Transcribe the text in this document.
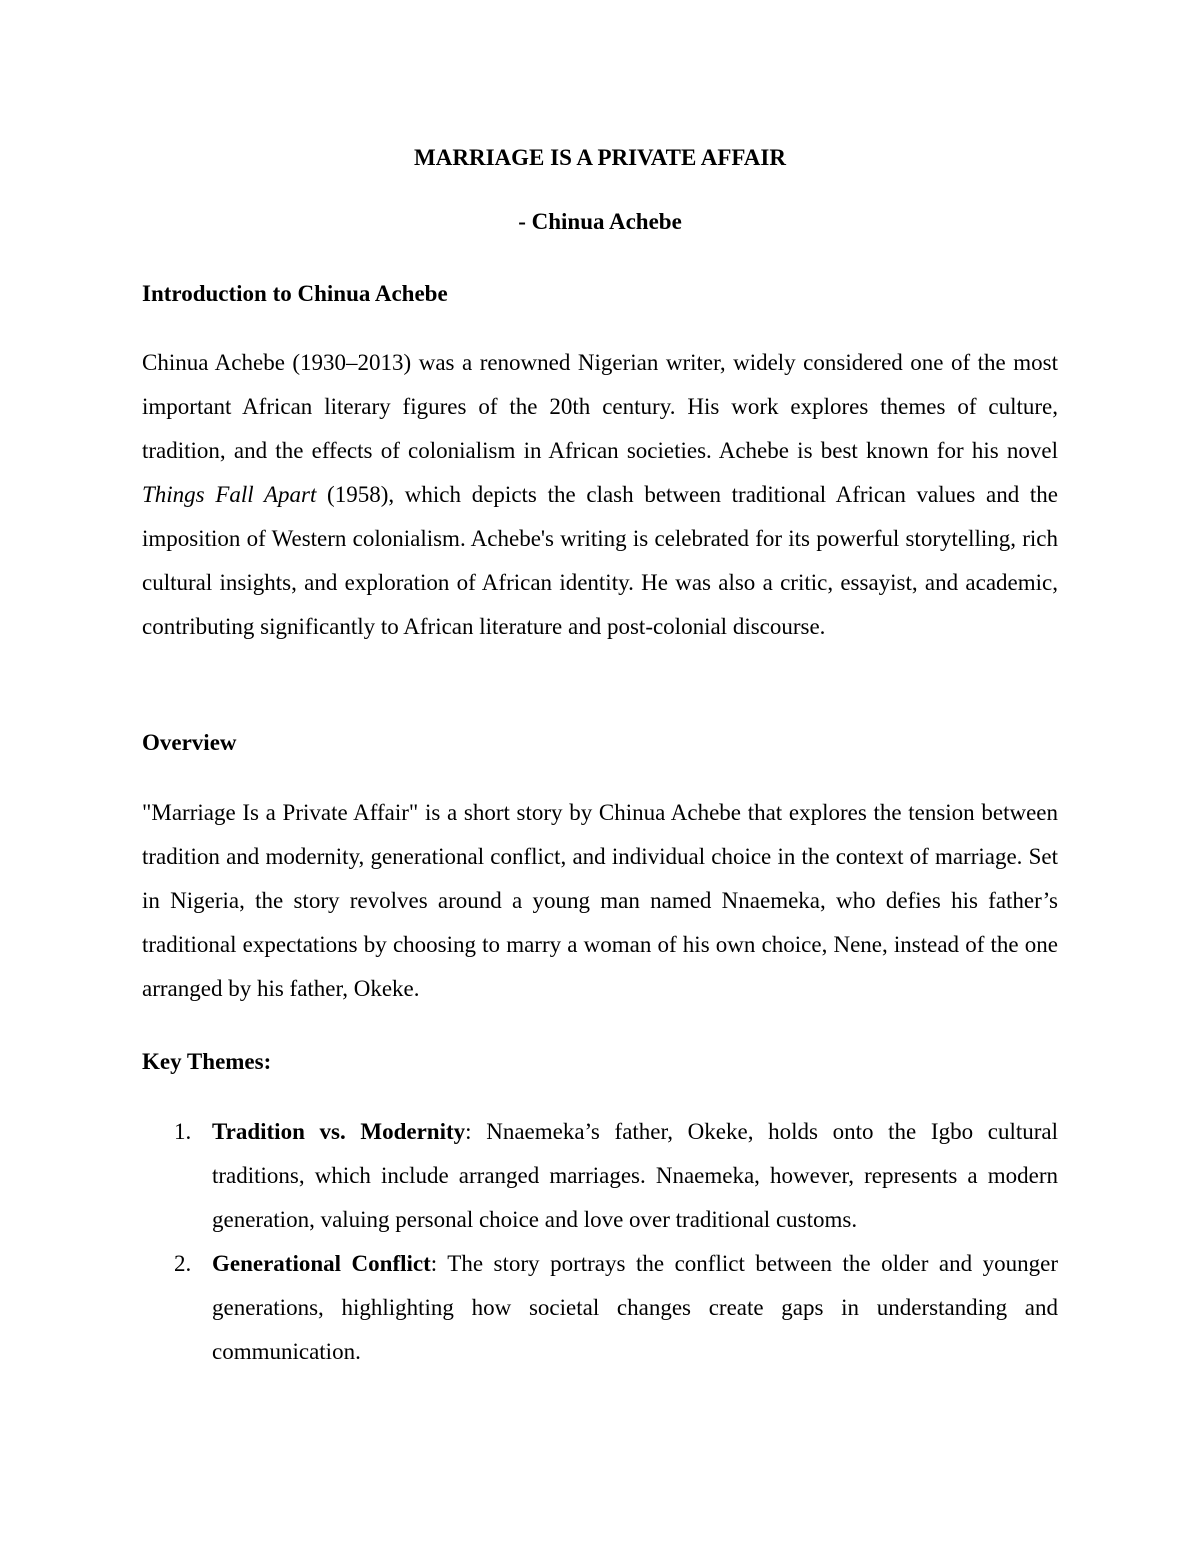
MARRIAGE IS A PRIVATE AFFAIR
- Chinua Achebe
Introduction to Chinua Achebe

Chinua Achebe (1930–2013) was a renowned Nigerian writer, widely considered one of the most important African literary figures of the 20th century. His work explores themes of culture, tradition, and the effects of colonialism in African societies. Achebe is best known for his novel Things Fall Apart (1958), which depicts the clash between traditional African values and the imposition of Western colonialism. Achebe's writing is celebrated for its powerful storytelling, rich cultural insights, and exploration of African identity. He was also a critic, essayist, and academic, contributing significantly to African literature and post-colonial discourse.

Overview

"Marriage Is a Private Affair" is a short story by Chinua Achebe that explores the tension between tradition and modernity, generational conflict, and individual choice in the context of marriage. Set in Nigeria, the story revolves around a young man named Nnaemeka, who defies his father’s traditional expectations by choosing to marry a woman of his own choice, Nene, instead of the one arranged by his father, Okeke.

Key Themes:
1. Tradition vs. Modernity: Nnaemeka’s father, Okeke, holds onto the Igbo cultural traditions, which include arranged marriages. Nnaemeka, however, represents a modern generation, valuing personal choice and love over traditional customs.
2. Generational Conflict: The story portrays the conflict between the older and younger generations, highlighting how societal changes create gaps in understanding and communication.
